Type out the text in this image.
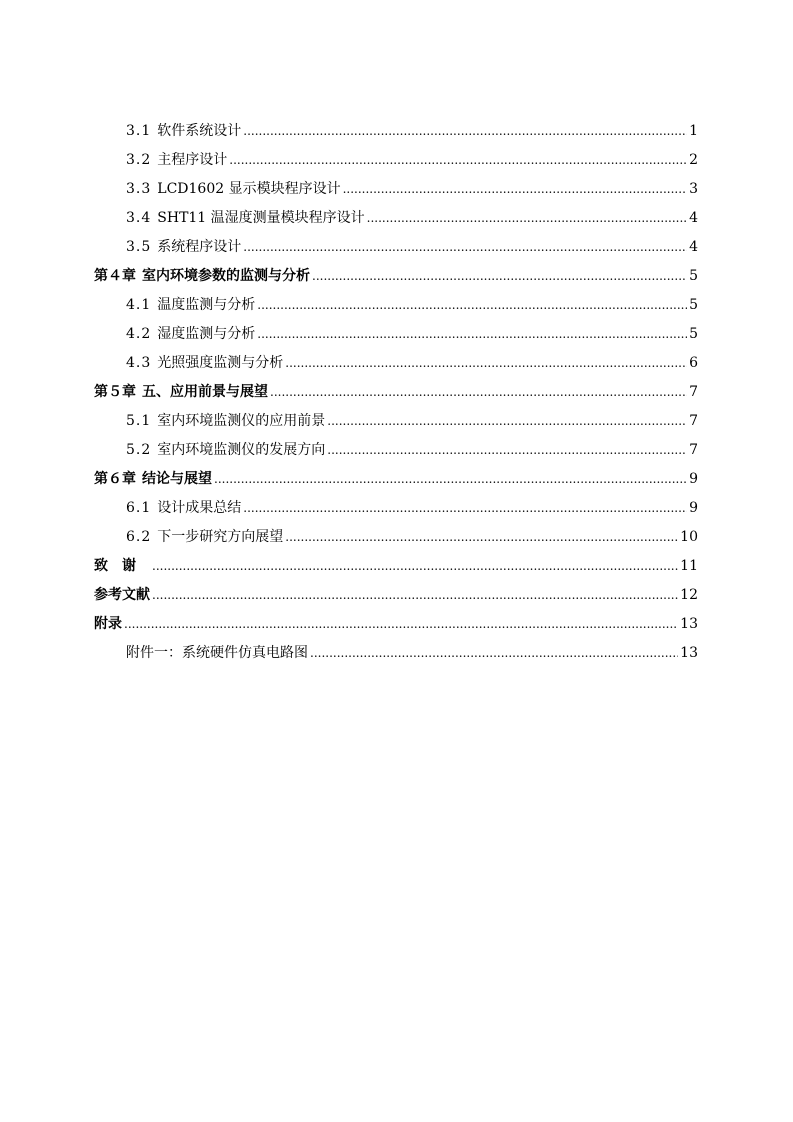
3.1 软件系统设计 .....	1
3.2 主程序设计 .....	2
3.3 LCD1602 显示模块程序设计 .....	3
3.4 SHT11 温湿度测量模块程序设计 .....	4
3.5 系统程序设计 .....	4
第４章 室内环境参数的监测与分析 .....	5
4.1 温度监测与分析 .....	5
4.2 湿度监测与分析 .....	5
4.3 光照强度监测与分析 .....	6
第５章 五、应用前景与展望 .....	7
5.1 室内环境监测仪的应用前景 .....	7
5.2 室内环境监测仪的发展方向 .....	7
第６章 结论与展望 .....	9
6.1 设计成果总结 .....	9
6.2 下一步研究方向展望 .....	10
致谢 .....	11
参考文献 .....	12
附录 .....	13
附件一：系统硬件仿真电路图 .....	13
